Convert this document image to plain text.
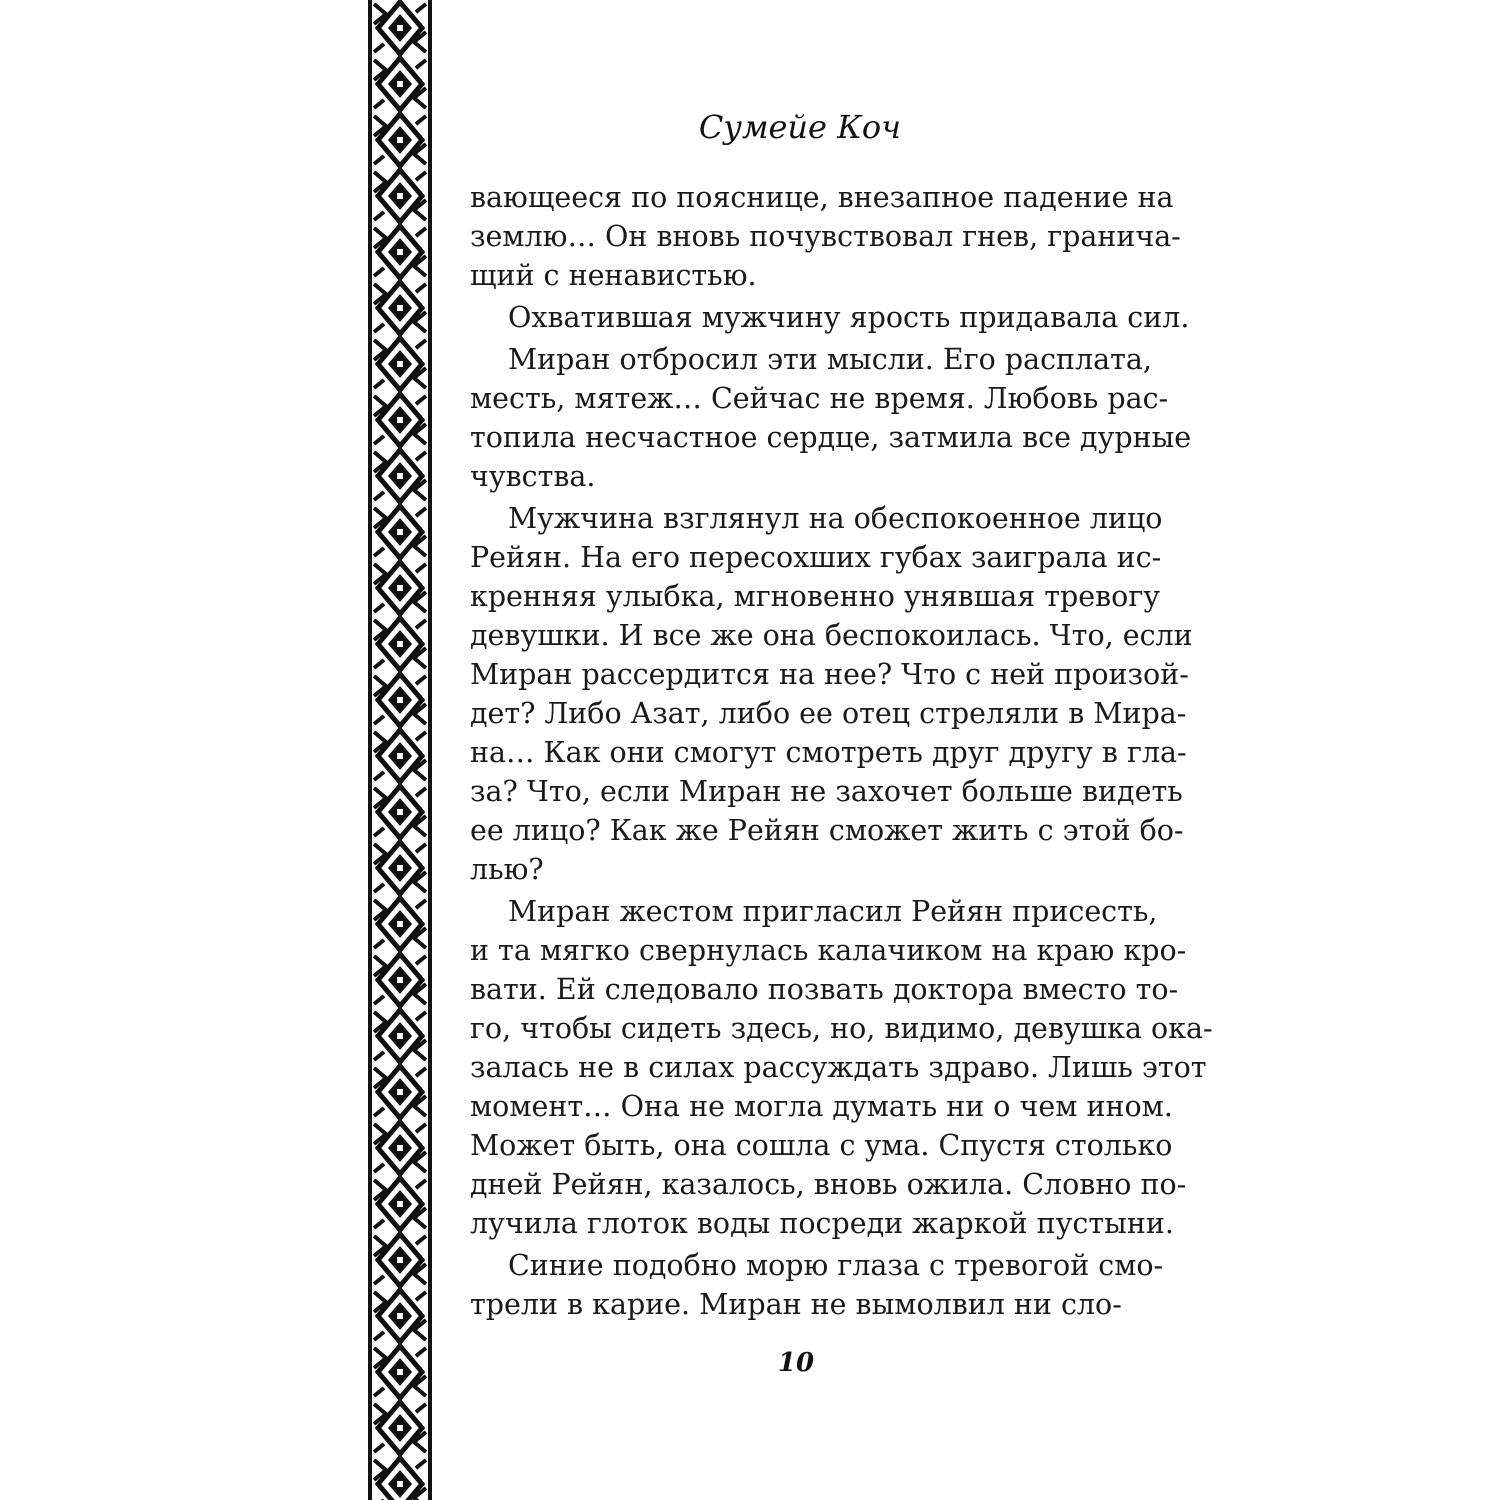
Сумейе Коч
вающееся по пояснице, внезапное падение на
землю… Он вновь почувствовал гнев, гранича-
щий с ненавистью.
Охватившая мужчину ярость придавала сил.
Миран отбросил эти мысли. Его расплата,
месть, мятеж… Сейчас не время. Любовь рас-
топила несчастное сердце, затмила все дурные
чувства.
Мужчина взглянул на обеспокоенное лицо
Рейян. На его пересохших губах заиграла ис-
кренняя улыбка, мгновенно унявшая тревогу
девушки. И все же она беспокоилась. Что, если
Миран рассердится на нее? Что с ней произой-
дет? Либо Азат, либо ее отец стреляли в Мира-
на… Как они смогут смотреть друг другу в гла-
за? Что, если Миран не захочет больше видеть
ее лицо? Как же Рейян сможет жить с этой бо-
лью?
Миран жестом пригласил Рейян присесть,
и та мягко свернулась калачиком на краю кро-
вати. Ей следовало позвать доктора вместо то-
го, чтобы сидеть здесь, но, видимо, девушка ока-
залась не в силах рассуждать здраво. Лишь этот
момент… Она не могла думать ни о чем ином.
Может быть, она сошла с ума. Спустя столько
дней Рейян, казалось, вновь ожила. Словно по-
лучила глоток воды посреди жаркой пустыни.
Синие подобно морю глаза с тревогой смо-
трели в карие. Миран не вымолвил ни сло-
10
